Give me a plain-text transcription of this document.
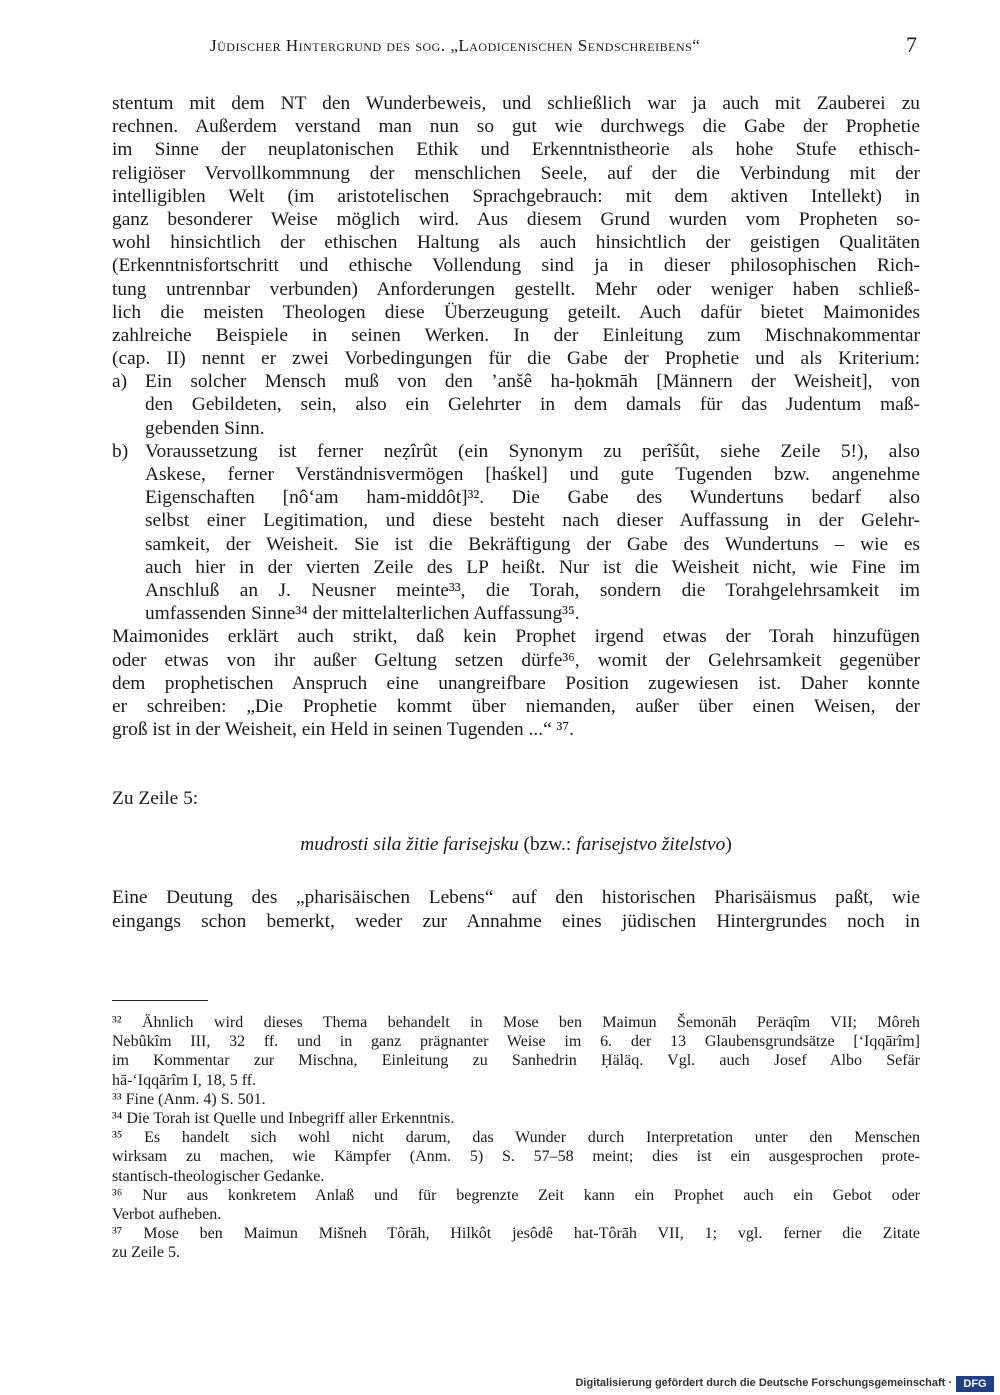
Jüdischer Hintergrund des sog. „Laodicenischen Sendschreibens“	7
stentum mit dem NT den Wunderbeweis, und schließlich war ja auch mit Zauberei zu
rechnen. Außerdem verstand man nun so gut wie durchwegs die Gabe der Prophetie
im Sinne der neuplatonischen Ethik und Erkenntnistheorie als hohe Stufe ethisch-
religiöser Vervollkommnung der menschlichen Seele, auf der die Verbindung mit der
intelligiblen Welt (im aristotelischen Sprachgebrauch: mit dem aktiven Intellekt) in
ganz besonderer Weise möglich wird. Aus diesem Grund wurden vom Propheten so-
wohl hinsichtlich der ethischen Haltung als auch hinsichtlich der geistigen Qualitäten
(Erkenntnisfortschritt und ethische Vollendung sind ja in dieser philosophischen Rich-
tung untrennbar verbunden) Anforderungen gestellt. Mehr oder weniger haben schließ-
lich die meisten Theologen diese Überzeugung geteilt. Auch dafür bietet Maimonides
zahlreiche Beispiele in seinen Werken. In der Einleitung zum Mischnakommentar
(cap. II) nennt er zwei Vorbedingungen für die Gabe der Prophetie und als Kriterium:
a) Ein solcher Mensch muß von den ’anšê ha-ḥokmāh [Männern der Weisheit], von
den Gebildeten, sein, also ein Gelehrter in dem damals für das Judentum maß-
gebenden Sinn.
b) Voraussetzung ist ferner neẓîrût (ein Synonym zu perîšût, siehe Zeile 5!), also
Askese, ferner Verständnisvermögen [haśkel] und gute Tugenden bzw. angenehme
Eigenschaften [nô‘am ham-middôt]³². Die Gabe des Wundertuns bedarf also
selbst einer Legitimation, und diese besteht nach dieser Auffassung in der Gelehr-
samkeit, der Weisheit. Sie ist die Bekräftigung der Gabe des Wundertuns – wie es
auch hier in der vierten Zeile des LP heißt. Nur ist die Weisheit nicht, wie Fine im
Anschluß an J. Neusner meinte³³, die Torah, sondern die Torahgelehrsamkeit im
umfassenden Sinne³⁴ der mittelalterlichen Auffassung³⁵.
Maimonides erklärt auch strikt, daß kein Prophet irgend etwas der Torah hinzufügen
oder etwas von ihr außer Geltung setzen dürfe³⁶, womit der Gelehrsamkeit gegenüber
dem prophetischen Anspruch eine unangreifbare Position zugewiesen ist. Daher konnte
er schreiben: „Die Prophetie kommt über niemanden, außer über einen Weisen, der
groß ist in der Weisheit, ein Held in seinen Tugenden ...“ ³⁷.
Zu Zeile 5:
mudrosti sila žitie farisejsku (bzw.: farisejstvo žitelstvo)
Eine Deutung des „pharisäischen Lebens“ auf den historischen Pharisäismus paßt, wie
eingangs schon bemerkt, weder zur Annahme eines jüdischen Hintergrundes noch in
³² Ähnlich wird dieses Thema behandelt in Mose ben Maimun Šemonāh Peräqîm VII; Môreh
Nebûkîm III, 32 ff. und in ganz prägnanter Weise im 6. der 13 Glaubensgrundsätze [‘Iqqārîm]
im Kommentar zur Mischna, Einleitung zu Sanhedrin Ḥäläq. Vgl. auch Josef Albo Sefär
hā-‘Iqqārîm I, 18, 5 ff.
³³ Fine (Anm. 4) S. 501.
³⁴ Die Torah ist Quelle und Inbegriff aller Erkenntnis.
³⁵ Es handelt sich wohl nicht darum, das Wunder durch Interpretation unter den Menschen
wirksam zu machen, wie Kämpfer (Anm. 5) S. 57–58 meint; dies ist ein ausgesprochen prote-
stantisch-theologischer Gedanke.
³⁶ Nur aus konkretem Anlaß und für begrenzte Zeit kann ein Prophet auch ein Gebot oder
Verbot aufheben.
³⁷ Mose ben Maimun Mišneh Tôrāh, Hilkôt jesôdê hat-Tôrāh VII, 1; vgl. ferner die Zitate
zu Zeile 5.
Digitalisierung gefördert durch die Deutsche Forschungsgemeinschaft ·	DFG
